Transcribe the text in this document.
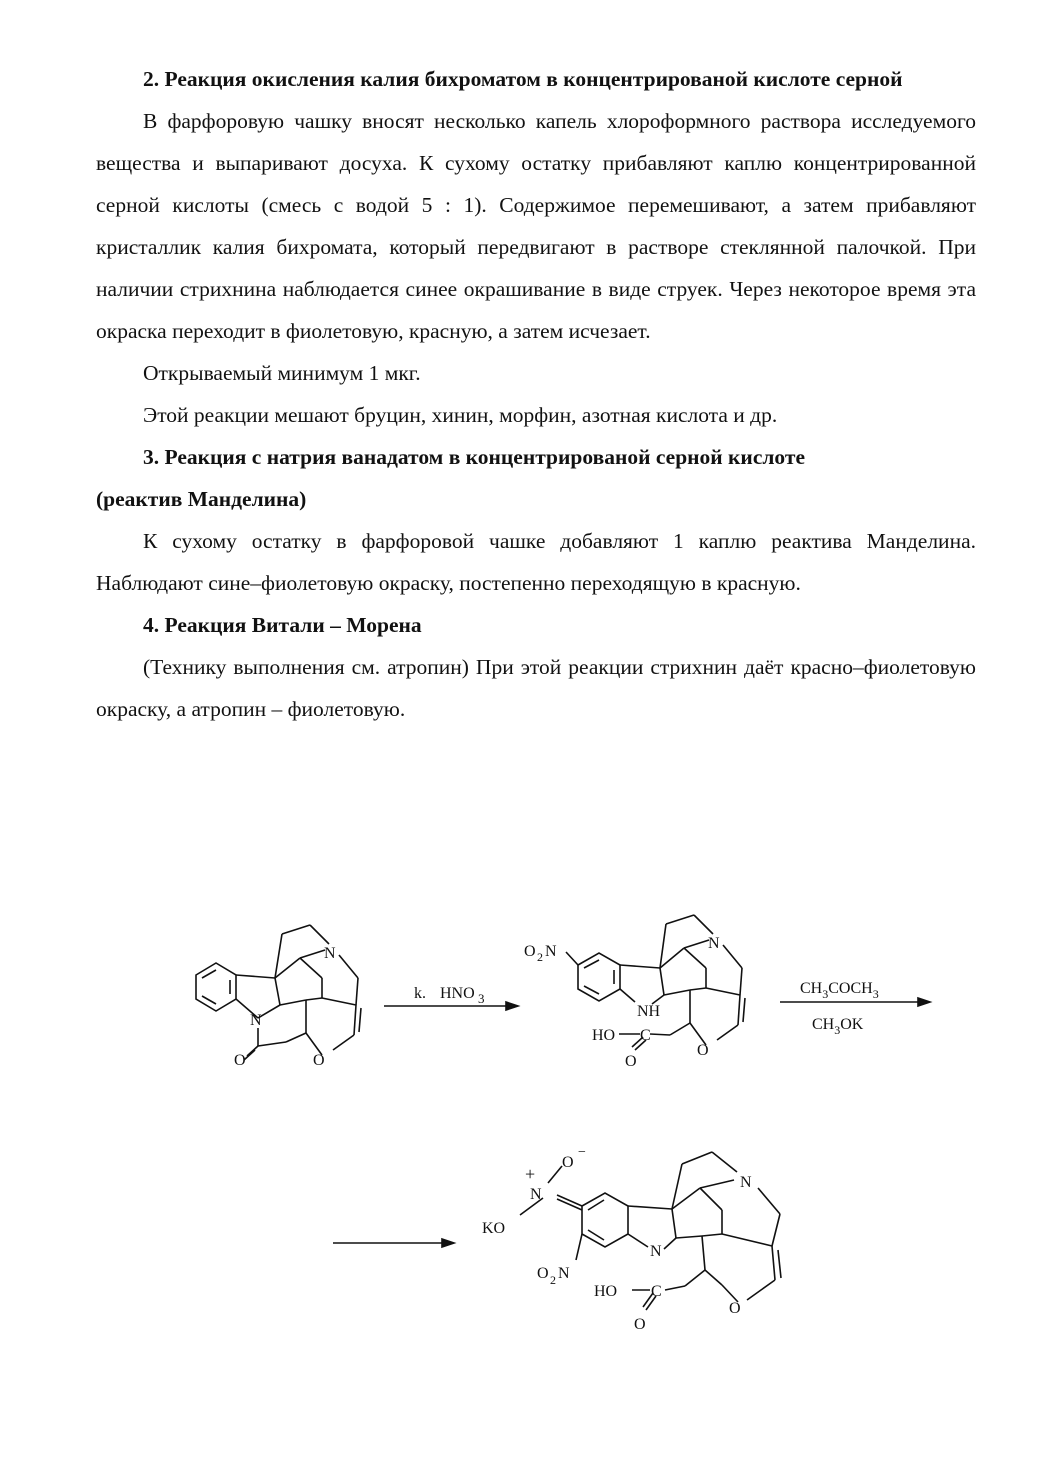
2. Реакция окисления калия бихроматом в концентрированой кислоте серной

В фарфоровую чашку вносят несколько капель хлороформного раствора исследуемого вещества и выпаривают досуха. К сухому остатку прибавляют каплю концентрированной серной кислоты (смесь с водой 5 : 1). Содержимое перемешивают, а затем прибавляют кристаллик калия бихромата, который передвигают в растворе стеклянной палочкой. При наличии стрихнина наблюдается синее окрашивание в виде струек. Через некоторое время эта окраска переходит в фиолетовую, красную, а затем исчезает.

Открываемый минимум 1 мкг.

Этой реакции мешают бруцин, хинин, морфин, азотная кислота и др.

3. Реакция с натрия ванадатом в концентрированой серной кислоте

(реактив Манделина)

К сухому остатку в фарфоровой чашке добавляют 1 каплю реактива Манделина. Наблюдают сине–фиолетовую окраску, постепенно переходящую в красную.

4. Реакция Витали – Морена

(Технику выполнения см. атропин) При этой реакции стрихнин даёт красно–фиолетовую окраску, а атропин – фиолетовую.

N
N
O
O
k. HNO 3
O 2 N	N
NH
HO C
O
O
$CH_3COCH_3$
$CH_3OK$
+
N
O
−
KO
O 2 N
N
N
HO C
O
O
